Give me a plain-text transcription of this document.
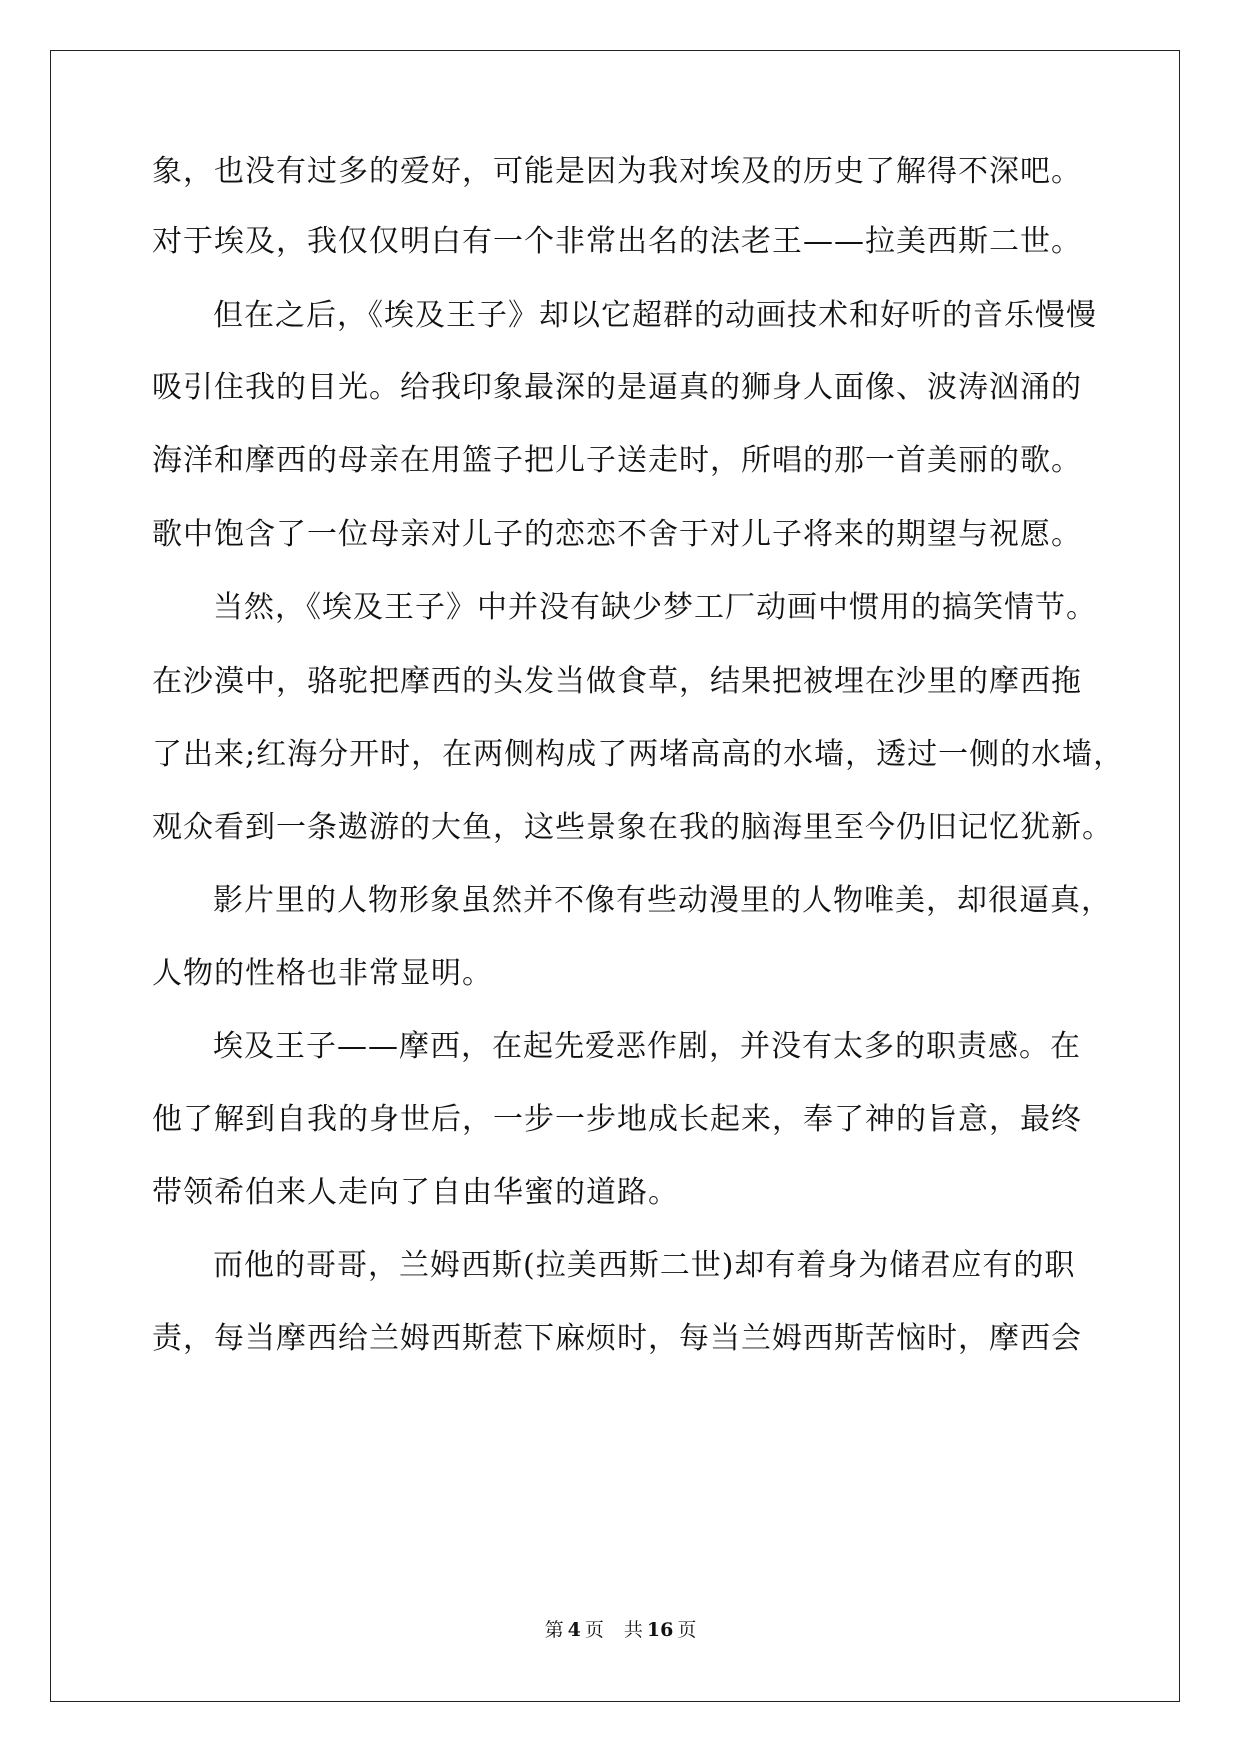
象，也没有过多的爱好，可能是因为我对埃及的历史了解得不深吧。
对于埃及，我仅仅明白有一个非常出名的法老王——拉美西斯二世。
但在之后，《埃及王子》却以它超群的动画技术和好听的音乐慢慢
吸引住我的目光。给我印象最深的是逼真的狮身人面像、波涛汹涌的
海洋和摩西的母亲在用篮子把儿子送走时，所唱的那一首美丽的歌。
歌中饱含了一位母亲对儿子的恋恋不舍于对儿子将来的期望与祝愿。
当然，《埃及王子》中并没有缺少梦工厂动画中惯用的搞笑情节。
在沙漠中，骆驼把摩西的头发当做食草，结果把被埋在沙里的摩西拖
了出来;红海分开时，在两侧构成了两堵高高的水墙，透过一侧的水墙，
观众看到一条遨游的大鱼，这些景象在我的脑海里至今仍旧记忆犹新。
影片里的人物形象虽然并不像有些动漫里的人物唯美，却很逼真，
人物的性格也非常显明。
埃及王子——摩西，在起先爱恶作剧，并没有太多的职责感。在
他了解到自我的身世后，一步一步地成长起来，奉了神的旨意，最终
带领希伯来人走向了自由华蜜的道路。
而他的哥哥，兰姆西斯(拉美西斯二世)却有着身为储君应有的职
责，每当摩西给兰姆西斯惹下麻烦时，每当兰姆西斯苦恼时，摩西会
第 4 页 共 16 页
